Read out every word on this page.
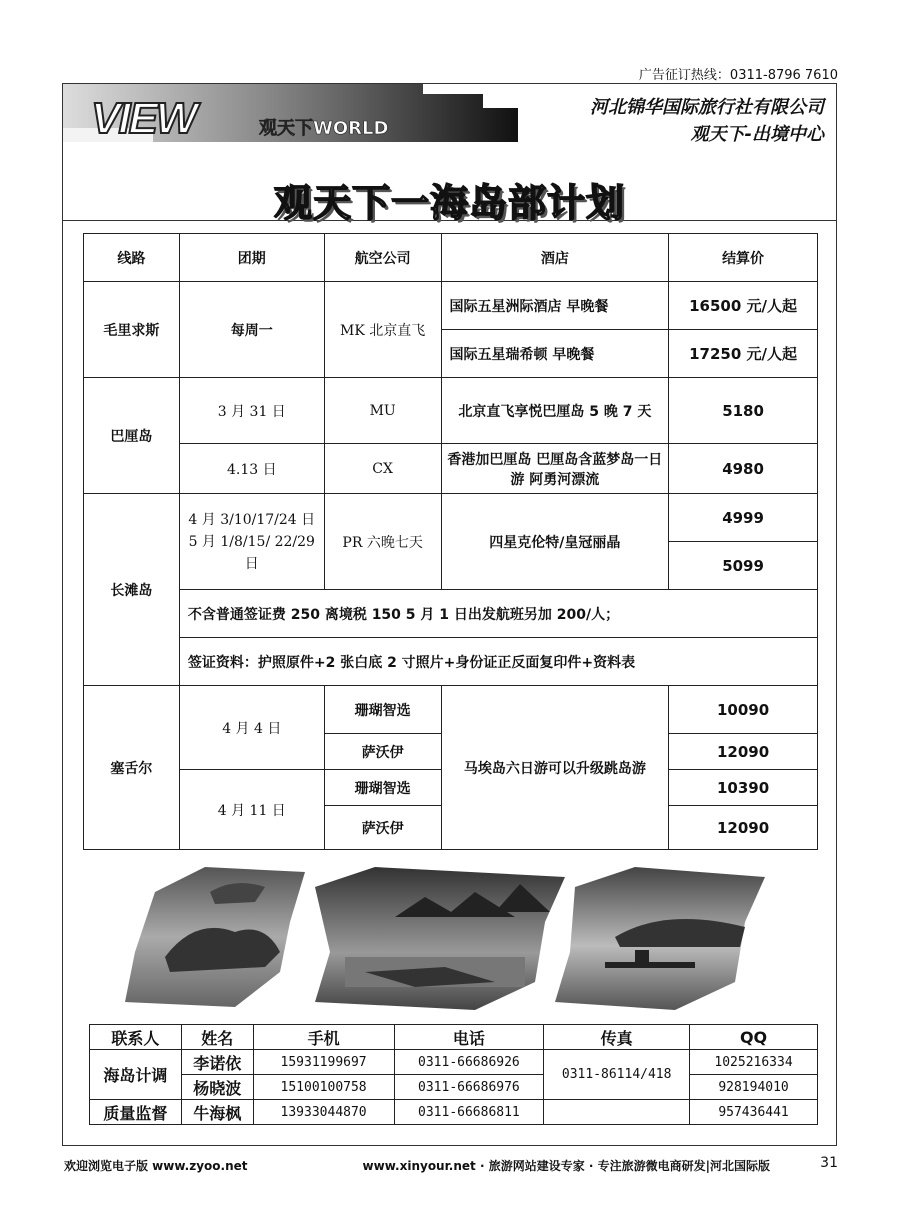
广告征订热线：0311-8796 7610
VIEW	观天下WORLD
河北锦华国际旅行社有限公司
观天下-出境中心
观天下一海岛部计划
线路	团期	航空公司	酒店	结算价
毛里求斯	每周一	MK 北京直飞	国际五星洲际酒店 早晚餐	16500 元/人起
			国际五星瑞希顿 早晚餐	17250 元/人起
巴厘岛	3 月 31 日	MU	北京直飞享悦巴厘岛 5 晚 7 天	5180
	4.13 日	CX	香港加巴厘岛 巴厘岛含蓝梦岛一日游 阿勇河漂流	4980
长滩岛	4 月 3/10/17/24 日 5 月 1/8/15/ 22/29 日	PR 六晚七天	四星克伦特/皇冠丽晶	4999
				5099
	不含普通签证费 250 离境税 150 5 月 1 日出发航班另加 200/人；			
	签证资料：护照原件+2 张白底 2 寸照片+身份证正反面复印件+资料表			
塞舌尔	4 月 4 日	珊瑚智选	马埃岛六日游可以升级跳岛游	10090
		萨沃伊		12090
	4 月 11 日	珊瑚智选		10390
		萨沃伊		12090
联系人	姓名	手机	电话	传真	QQ
海岛计调	李诺依	15931199697	0311-66686926	0311-86114/418	1025216334
	杨晓波	15100100758	0311-66686976		928194010
质量监督	牛海枫	13933044870	0311-66686811		957436441
欢迎浏览电子版 www.zyoo.net	www.xinyour.net · 旅游网站建设专家 · 专注旅游微电商研发|河北国际版	31
